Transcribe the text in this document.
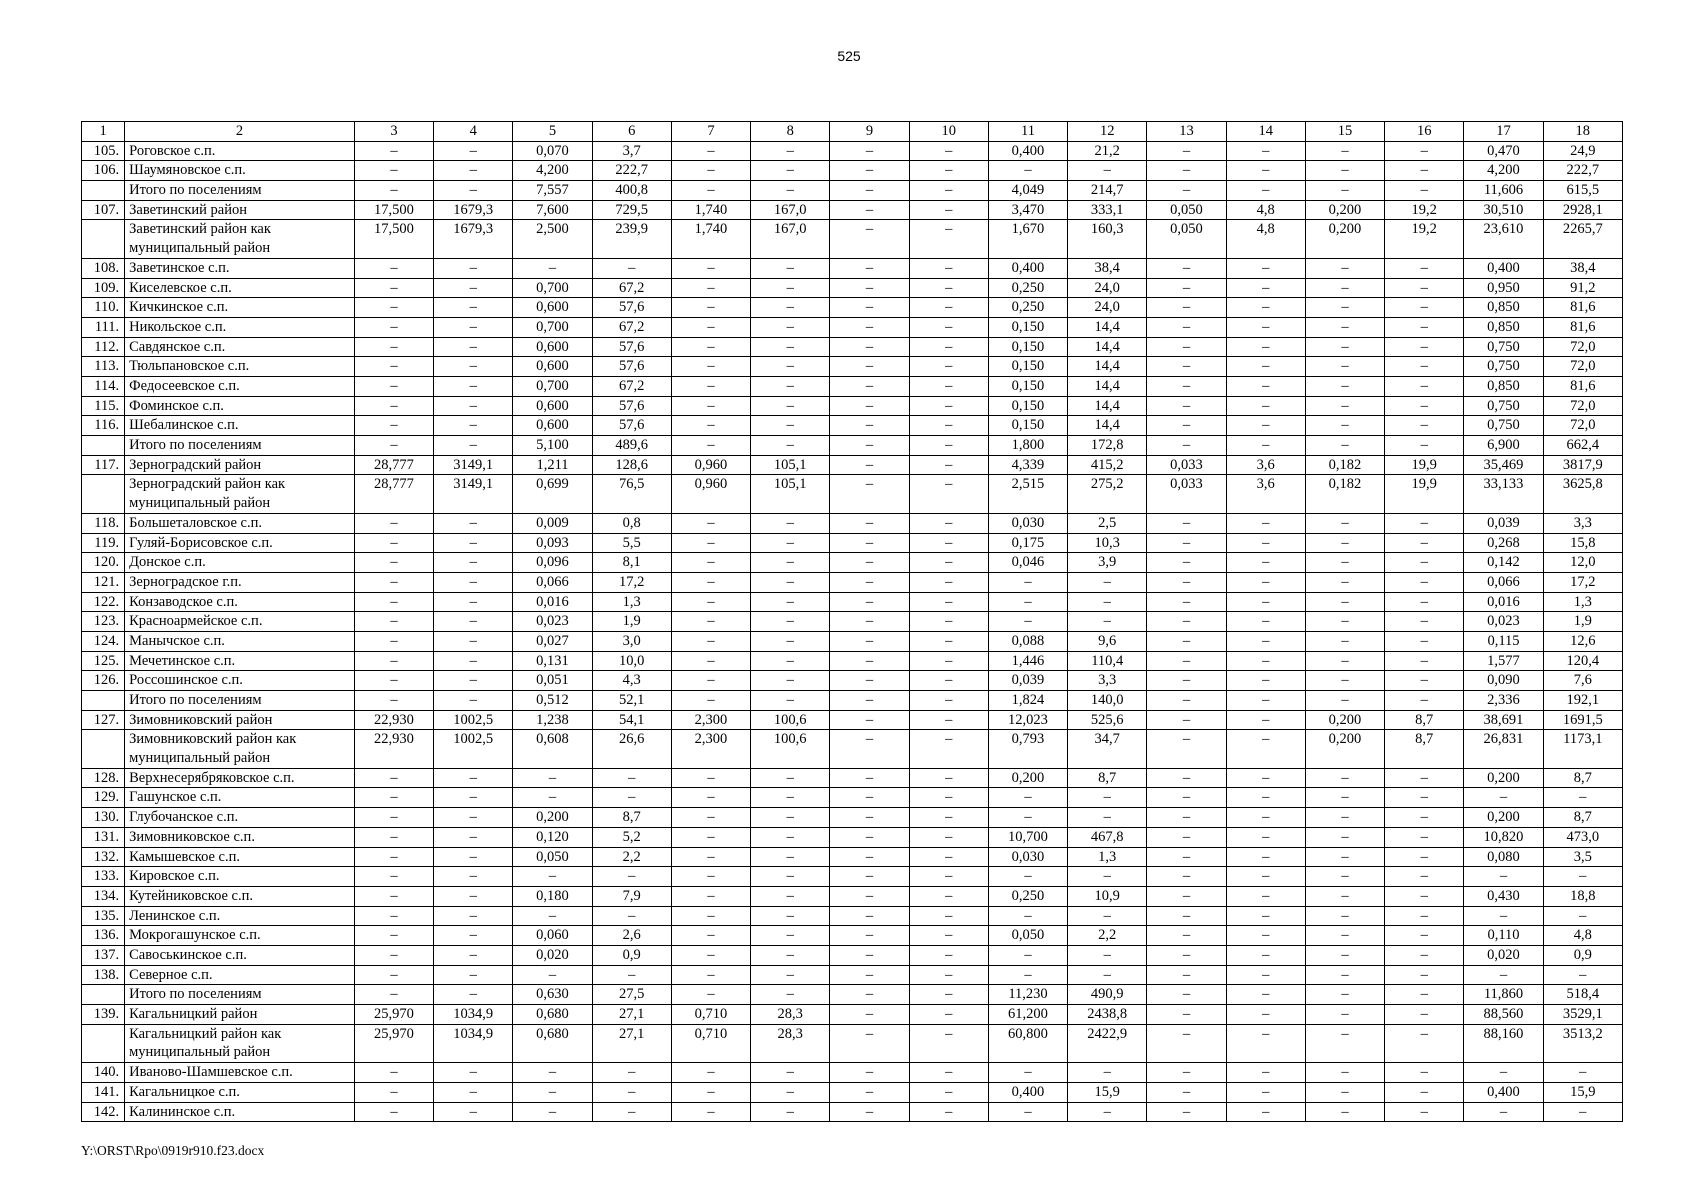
525
1	2	3	4	5	6	7	8	9	10	11	12	13	14	15	16	17	18
105.	Роговское с.п.	–	–	0,070	3,7	–	–	–	–	0,400	21,2	–	–	–	–	0,470	24,9
106.	Шаумяновское с.п.	–	–	4,200	222,7	–	–	–	–	–	–	–	–	–	–	4,200	222,7
	Итого по поселениям	–	–	7,557	400,8	–	–	–	–	4,049	214,7	–	–	–	–	11,606	615,5
107.	Заветинский район	17,500	1679,3	7,600	729,5	1,740	167,0	–	–	3,470	333,1	0,050	4,8	0,200	19,2	30,510	2928,1
	Заветинский район как муниципальный район	17,500	1679,3	2,500	239,9	1,740	167,0	–	–	1,670	160,3	0,050	4,8	0,200	19,2	23,610	2265,7
108.	Заветинское с.п.	–	–	–	–	–	–	–	–	0,400	38,4	–	–	–	–	0,400	38,4
109.	Киселевское с.п.	–	–	0,700	67,2	–	–	–	–	0,250	24,0	–	–	–	–	0,950	91,2
110.	Кичкинское с.п.	–	–	0,600	57,6	–	–	–	–	0,250	24,0	–	–	–	–	0,850	81,6
111.	Никольское с.п.	–	–	0,700	67,2	–	–	–	–	0,150	14,4	–	–	–	–	0,850	81,6
112.	Савдянское с.п.	–	–	0,600	57,6	–	–	–	–	0,150	14,4	–	–	–	–	0,750	72,0
113.	Тюльпановское с.п.	–	–	0,600	57,6	–	–	–	–	0,150	14,4	–	–	–	–	0,750	72,0
114.	Федосеевское с.п.	–	–	0,700	67,2	–	–	–	–	0,150	14,4	–	–	–	–	0,850	81,6
115.	Фоминское с.п.	–	–	0,600	57,6	–	–	–	–	0,150	14,4	–	–	–	–	0,750	72,0
116.	Шебалинское с.п.	–	–	0,600	57,6	–	–	–	–	0,150	14,4	–	–	–	–	0,750	72,0
	Итого по поселениям	–	–	5,100	489,6	–	–	–	–	1,800	172,8	–	–	–	–	6,900	662,4
117.	Зерноградский район	28,777	3149,1	1,211	128,6	0,960	105,1	–	–	4,339	415,2	0,033	3,6	0,182	19,9	35,469	3817,9
	Зерноградский район как муниципальный район	28,777	3149,1	0,699	76,5	0,960	105,1	–	–	2,515	275,2	0,033	3,6	0,182	19,9	33,133	3625,8
118.	Большеталовское с.п.	–	–	0,009	0,8	–	–	–	–	0,030	2,5	–	–	–	–	0,039	3,3
119.	Гуляй-Борисовское с.п.	–	–	0,093	5,5	–	–	–	–	0,175	10,3	–	–	–	–	0,268	15,8
120.	Донское с.п.	–	–	0,096	8,1	–	–	–	–	0,046	3,9	–	–	–	–	0,142	12,0
121.	Зерноградское г.п.	–	–	0,066	17,2	–	–	–	–	–	–	–	–	–	–	0,066	17,2
122.	Конзаводское с.п.	–	–	0,016	1,3	–	–	–	–	–	–	–	–	–	–	0,016	1,3
123.	Красноармейское с.п.	–	–	0,023	1,9	–	–	–	–	–	–	–	–	–	–	0,023	1,9
124.	Манычское с.п.	–	–	0,027	3,0	–	–	–	–	0,088	9,6	–	–	–	–	0,115	12,6
125.	Мечетинское с.п.	–	–	0,131	10,0	–	–	–	–	1,446	110,4	–	–	–	–	1,577	120,4
126.	Россошинское с.п.	–	–	0,051	4,3	–	–	–	–	0,039	3,3	–	–	–	–	0,090	7,6
	Итого по поселениям	–	–	0,512	52,1	–	–	–	–	1,824	140,0	–	–	–	–	2,336	192,1
127.	Зимовниковский район	22,930	1002,5	1,238	54,1	2,300	100,6	–	–	12,023	525,6	–	–	0,200	8,7	38,691	1691,5
	Зимовниковский район как муниципальный район	22,930	1002,5	0,608	26,6	2,300	100,6	–	–	0,793	34,7	–	–	0,200	8,7	26,831	1173,1
128.	Верхнесерябряковское с.п.	–	–	–	–	–	–	–	–	0,200	8,7	–	–	–	–	0,200	8,7
129.	Гашунское с.п.	–	–	–	–	–	–	–	–	–	–	–	–	–	–	–	–
130.	Глубочанское с.п.	–	–	0,200	8,7	–	–	–	–	–	–	–	–	–	–	0,200	8,7
131.	Зимовниковское с.п.	–	–	0,120	5,2	–	–	–	–	10,700	467,8	–	–	–	–	10,820	473,0
132.	Камышевское с.п.	–	–	0,050	2,2	–	–	–	–	0,030	1,3	–	–	–	–	0,080	3,5
133.	Кировское с.п.	–	–	–	–	–	–	–	–	–	–	–	–	–	–	–	–
134.	Кутейниковское с.п.	–	–	0,180	7,9	–	–	–	–	0,250	10,9	–	–	–	–	0,430	18,8
135.	Ленинское с.п.	–	–	–	–	–	–	–	–	–	–	–	–	–	–	–	–
136.	Мокрогашунское с.п.	–	–	0,060	2,6	–	–	–	–	0,050	2,2	–	–	–	–	0,110	4,8
137.	Савоськинское с.п.	–	–	0,020	0,9	–	–	–	–	–	–	–	–	–	–	0,020	0,9
138.	Северное с.п.	–	–	–	–	–	–	–	–	–	–	–	–	–	–	–	–
	Итого по поселениям	–	–	0,630	27,5	–	–	–	–	11,230	490,9	–	–	–	–	11,860	518,4
139.	Кагальницкий район	25,970	1034,9	0,680	27,1	0,710	28,3	–	–	61,200	2438,8	–	–	–	–	88,560	3529,1
	Кагальницкий район как муниципальный район	25,970	1034,9	0,680	27,1	0,710	28,3	–	–	60,800	2422,9	–	–	–	–	88,160	3513,2
140.	Иваново-Шамшевское с.п.	–	–	–	–	–	–	–	–	–	–	–	–	–	–	–	–
141.	Кагальницкое с.п.	–	–	–	–	–	–	–	–	0,400	15,9	–	–	–	–	0,400	15,9
142.	Калининское с.п.	–	–	–	–	–	–	–	–	–	–	–	–	–	–	–	–
Y:\ORST\Rpo\0919r910.f23.docx
